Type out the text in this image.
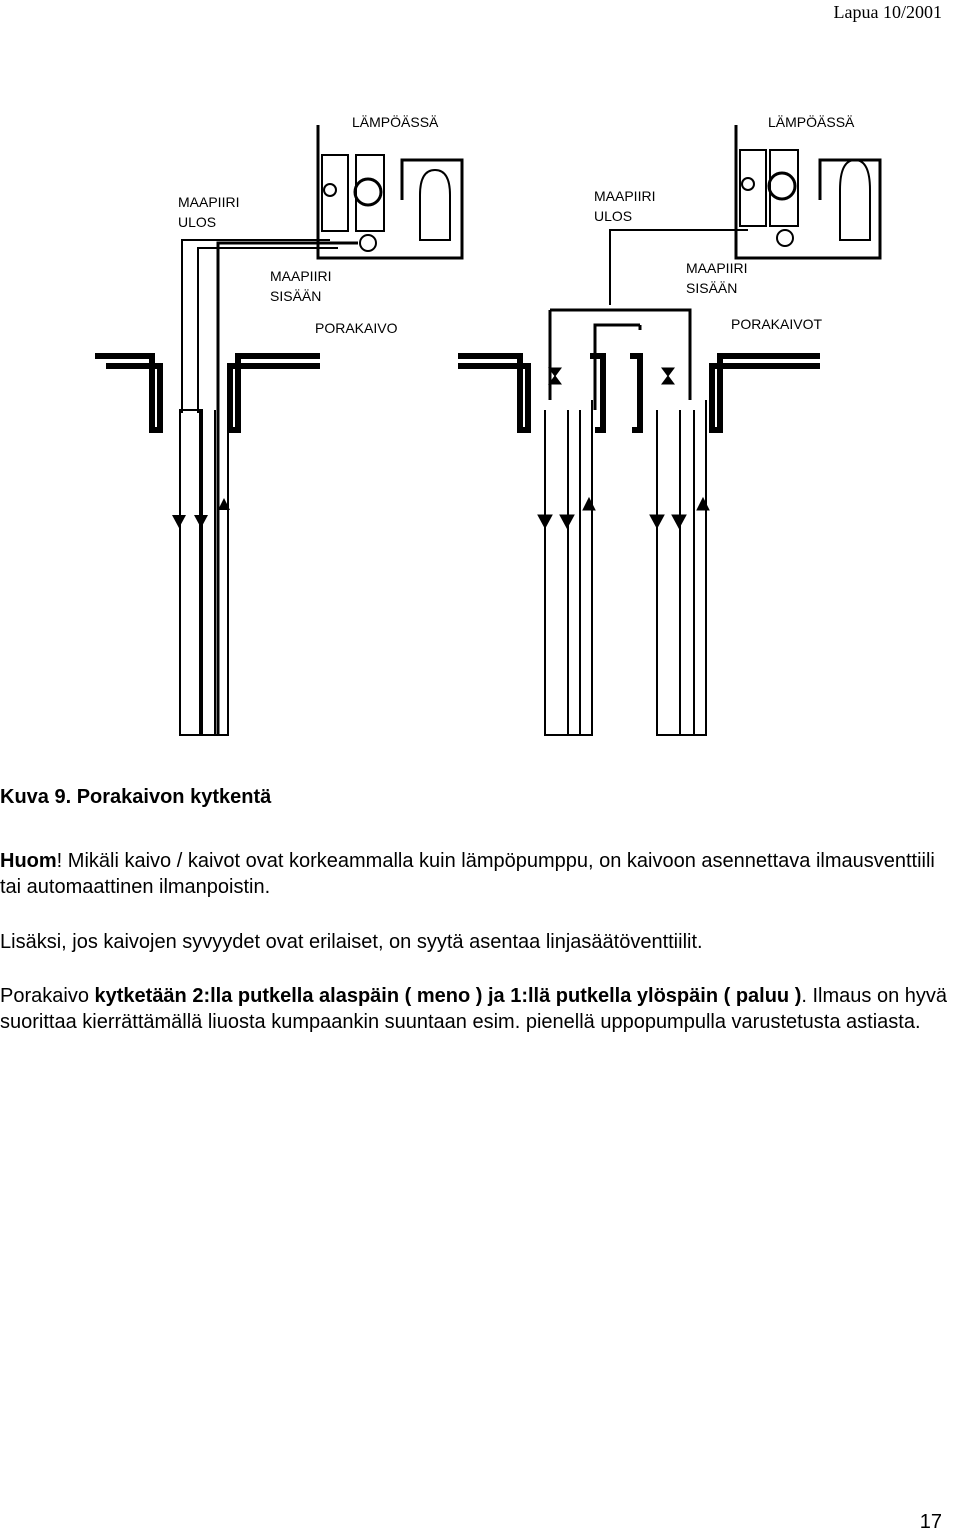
Lapua 10/2001
LÄMPÖÄSSÄ
MAAPIIRI
ULOS
MAAPIIRI
SISÄÄN
PORAKAIVO
LÄMPÖÄSSÄ
MAAPIIRI
ULOS
MAAPIIRI
SISÄÄN
PORAKAIVOT
Kuva 9. Porakaivon kytkentä
Huom! Mikäli kaivo / kaivot ovat korkeammalla kuin lämpöpumppu, on kaivoon asennettava ilmausventtiili tai automaattinen ilmanpoistin.
Lisäksi, jos kaivojen syvyydet ovat erilaiset, on syytä asentaa linjasäätöventtiilit.
Porakaivo kytketään 2:lla putkella alaspäin ( meno ) ja 1:llä putkella ylöspäin ( paluu ). Ilmaus on hyvä suorittaa kierrättämällä liuosta kumpaankin suuntaan esim. pienellä uppopumpulla varustetusta astiasta.
17
